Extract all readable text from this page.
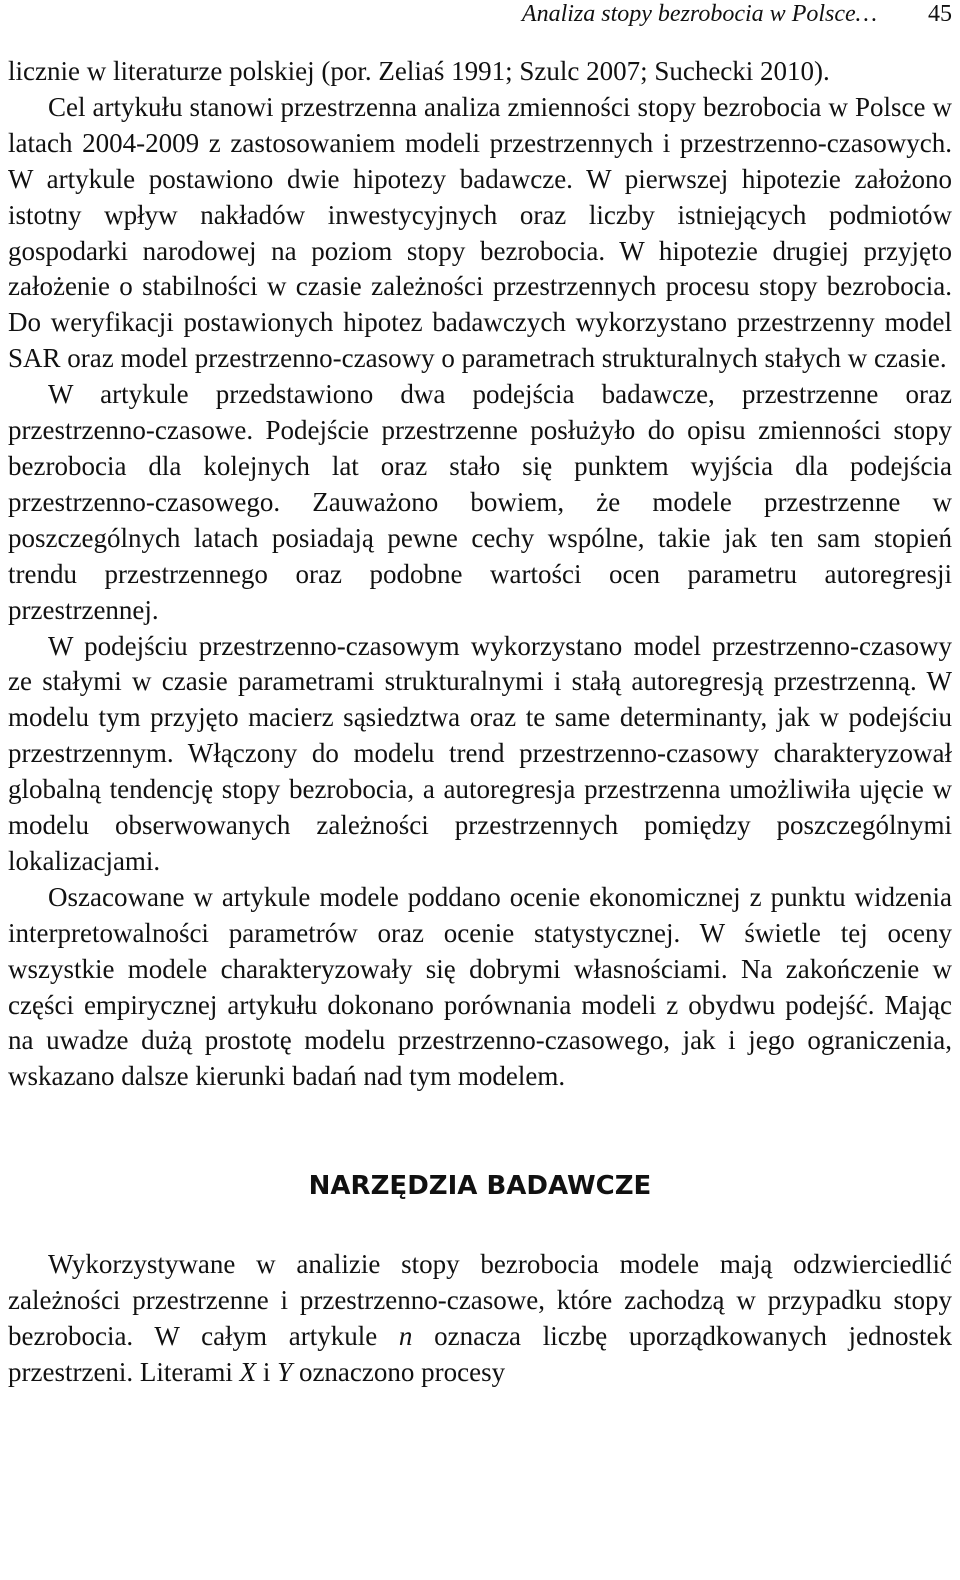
Analiza stopy bezrobocia w Polsce… 45

licznie w literaturze polskiej (por. Zeliaś 1991; Szulc 2007; Suchecki 2010).

Cel artykułu stanowi przestrzenna analiza zmienności stopy bezrobocia w Polsce w latach 2004-2009 z zastosowaniem modeli przestrzennych i przestrzenno-czasowych. W artykule postawiono dwie hipotezy badawcze. W pierwszej hipotezie założono istotny wpływ nakładów inwestycyjnych oraz liczby istniejących podmiotów gospodarki narodowej na poziom stopy bezrobocia. W hipotezie drugiej przyjęto założenie o stabilności w czasie zależności przestrzennych procesu stopy bezrobocia. Do weryfikacji postawionych hipotez badawczych wykorzystano przestrzenny model SAR oraz model przestrzenno-czasowy o parametrach strukturalnych stałych w czasie.

W artykule przedstawiono dwa podejścia badawcze, przestrzenne oraz przestrzenno-czasowe. Podejście przestrzenne posłużyło do opisu zmienności stopy bezrobocia dla kolejnych lat oraz stało się punktem wyjścia dla podejścia przestrzenno-czasowego. Zauważono bowiem, że modele przestrzenne w poszczególnych latach posiadają pewne cechy wspólne, takie jak ten sam stopień trendu przestrzennego oraz podobne wartości ocen parametru autoregresji przestrzennej.

W podejściu przestrzenno-czasowym wykorzystano model przestrzenno-czasowy ze stałymi w czasie parametrami strukturalnymi i stałą autoregresją przestrzenną. W modelu tym przyjęto macierz sąsiedztwa oraz te same determinanty, jak w podejściu przestrzennym. Włączony do modelu trend przestrzenno-czasowy charakteryzował globalną tendencję stopy bezrobocia, a autoregresja przestrzenna umożliwiła ujęcie w modelu obserwowanych zależności przestrzennych pomiędzy poszczególnymi lokalizacjami.

Oszacowane w artykule modele poddano ocenie ekonomicznej z punktu widzenia interpretowalności parametrów oraz ocenie statystycznej. W świetle tej oceny wszystkie modele charakteryzowały się dobrymi własnościami. Na zakończenie w części empirycznej artykułu dokonano porównania modeli z obydwu podejść. Mając na uwadze dużą prostotę modelu przestrzenno-czasowego, jak i jego ograniczenia, wskazano dalsze kierunki badań nad tym modelem.

NARZĘDZIA BADAWCZE

Wykorzystywane w analizie stopy bezrobocia modele mają odzwierciedlić zależności przestrzenne i przestrzenno-czasowe, które zachodzą w przypadku stopy bezrobocia. W całym artykule n oznacza liczbę uporządkowanych jednostek przestrzeni. Literami X i Y oznaczono procesy
